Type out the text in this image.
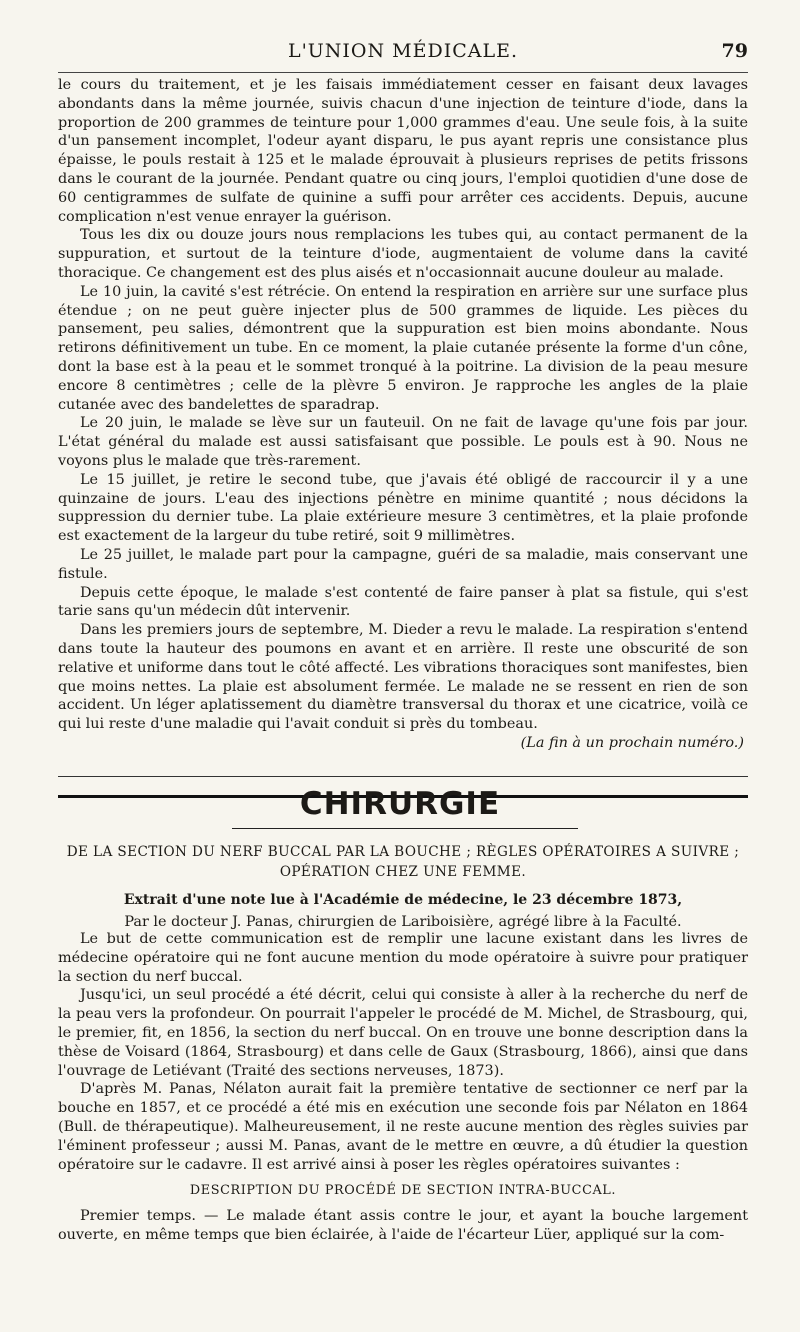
L'UNION MÉDICALE.	79

le cours du traitement, et je les faisais immédiatement cesser en faisant deux lavages abondants dans la même journée, suivis chacun d'une injection de teinture d'iode, dans la proportion de 200 grammes de teinture pour 1,000 grammes d'eau. Une seule fois, à la suite d'un pansement incomplet, l'odeur ayant disparu, le pus ayant repris une consistance plus épaisse, le pouls restait à 125 et le malade éprouvait à plusieurs reprises de petits frissons dans le courant de la journée. Pendant quatre ou cinq jours, l'emploi quotidien d'une dose de 60 centigrammes de sulfate de quinine a suffi pour arrêter ces accidents. Depuis, aucune complication n'est venue enrayer la guérison.

Tous les dix ou douze jours nous remplacions les tubes qui, au contact permanent de la suppuration, et surtout de la teinture d'iode, augmentaient de volume dans la cavité thoracique. Ce changement est des plus aisés et n'occasionnait aucune douleur au malade.

Le 10 juin, la cavité s'est rétrécie. On entend la respiration en arrière sur une surface plus étendue ; on ne peut guère injecter plus de 500 grammes de liquide. Les pièces du pansement, peu salies, démontrent que la suppuration est bien moins abondante. Nous retirons définitivement un tube. En ce moment, la plaie cutanée présente la forme d'un cône, dont la base est à la peau et le sommet tronqué à la poitrine. La division de la peau mesure encore 8 centimètres ; celle de la plèvre 5 environ. Je rapproche les angles de la plaie cutanée avec des bandelettes de sparadrap.

Le 20 juin, le malade se lève sur un fauteuil. On ne fait de lavage qu'une fois par jour. L'état général du malade est aussi satisfaisant que possible. Le pouls est à 90. Nous ne voyons plus le malade que très-rarement.

Le 15 juillet, je retire le second tube, que j'avais été obligé de raccourcir il y a une quinzaine de jours. L'eau des injections pénètre en minime quantité ; nous décidons la suppression du dernier tube. La plaie extérieure mesure 3 centimètres, et la plaie profonde est exactement de la largeur du tube retiré, soit 9 millimètres.

Le 25 juillet, le malade part pour la campagne, guéri de sa maladie, mais conservant une fistule.

Depuis cette époque, le malade s'est contenté de faire panser à plat sa fistule, qui s'est tarie sans qu'un médecin dût intervenir.

Dans les premiers jours de septembre, M. Dieder a revu le malade. La respiration s'entend dans toute la hauteur des poumons en avant et en arrière. Il reste une obscurité de son relative et uniforme dans tout le côté affecté. Les vibrations thoraciques sont manifestes, bien que moins nettes. La plaie est absolument fermée. Le malade ne se ressent en rien de son accident. Un léger aplatissement du diamètre transversal du thorax et une cicatrice, voilà ce qui lui reste d'une maladie qui l'avait conduit si près du tombeau.

(La fin à un prochain numéro.)

CHIRURGIE
DE LA SECTION DU NERF BUCCAL PAR LA BOUCHE ; RÈGLES OPÉRATOIRES A SUIVRE ;
OPÉRATION CHEZ UNE FEMME.
Extrait d'une note lue à l'Académie de médecine, le 23 décembre 1873,
Par le docteur J. Panas, chirurgien de Lariboisière, agrégé libre à la Faculté.

Le but de cette communication est de remplir une lacune existant dans les livres de médecine opératoire qui ne font aucune mention du mode opératoire à suivre pour pratiquer la section du nerf buccal.

Jusqu'ici, un seul procédé a été décrit, celui qui consiste à aller à la recherche du nerf de la peau vers la profondeur. On pourrait l'appeler le procédé de M. Michel, de Strasbourg, qui, le premier, fit, en 1856, la section du nerf buccal. On en trouve une bonne description dans la thèse de Voisard (1864, Strasbourg) et dans celle de Gaux (Strasbourg, 1866), ainsi que dans l'ouvrage de Letiévant (Traité des sections nerveuses, 1873).

D'après M. Panas, Nélaton aurait fait la première tentative de sectionner ce nerf par la bouche en 1857, et ce procédé a été mis en exécution une seconde fois par Nélaton en 1864 (Bull. de thérapeutique). Malheureusement, il ne reste aucune mention des règles suivies par l'éminent professeur ; aussi M. Panas, avant de le mettre en œuvre, a dû étudier la question opératoire sur le cadavre. Il est arrivé ainsi à poser les règles opératoires suivantes :

DESCRIPTION DU PROCÉDÉ DE SECTION INTRA-BUCCAL.

Premier temps. — Le malade étant assis contre le jour, et ayant la bouche largement ouverte, en même temps que bien éclairée, à l'aide de l'écarteur Lüer, appliqué sur la com-
